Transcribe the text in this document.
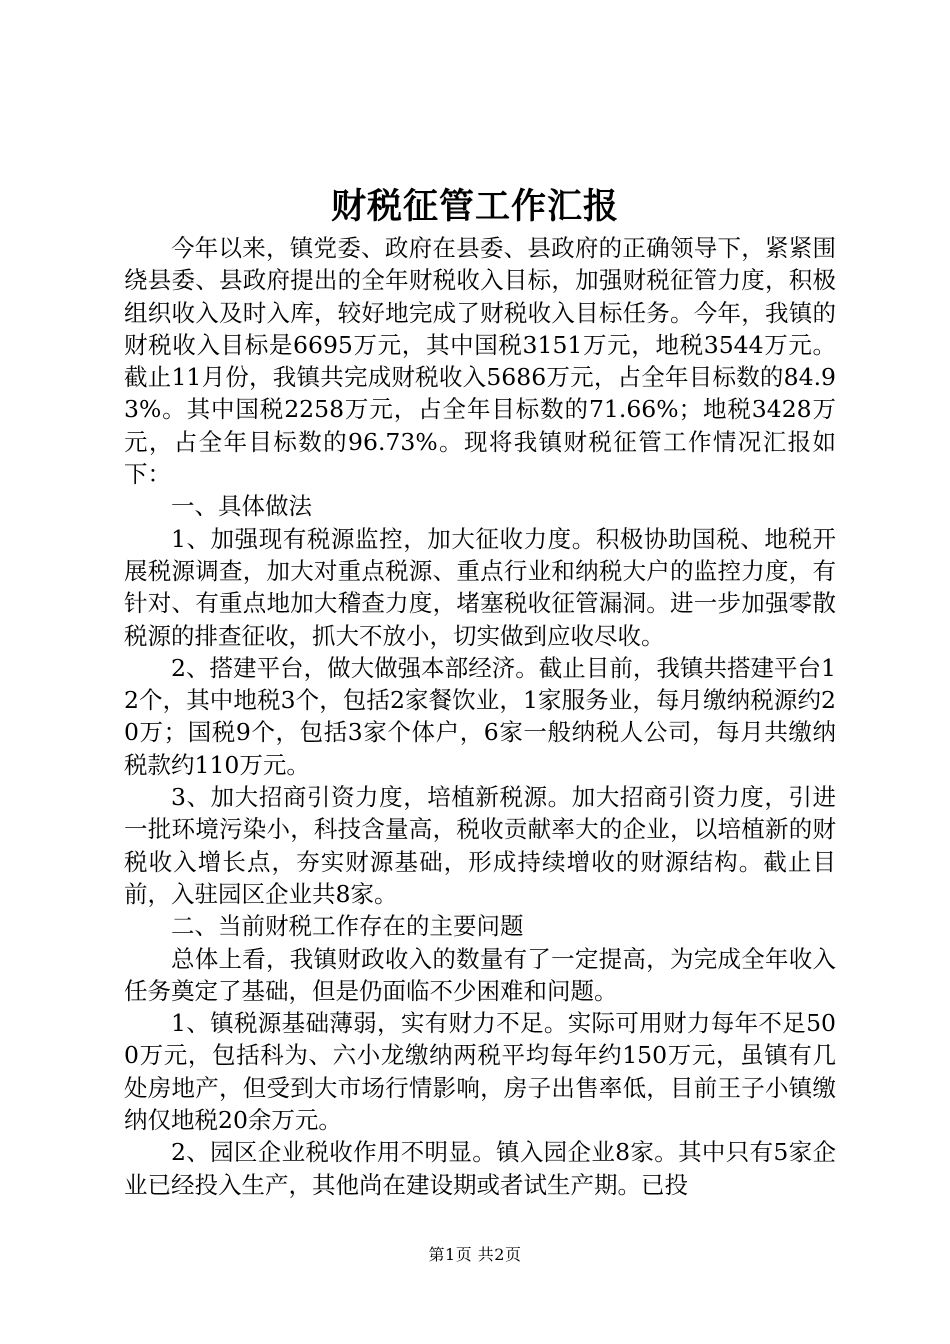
财税征管工作汇报

今年以来，镇党委、政府在县委、县政府的正确领导下，紧紧围绕县委、县政府提出的全年财税收入目标，加强财税征管力度，积极组织收入及时入库，较好地完成了财税收入目标任务。今年，我镇的财税收入目标是6695万元，其中国税3151万元，地税3544万元。截止11月份，我镇共完成财税收入5686万元，占全年目标数的84.93%。其中国税2258万元，占全年目标数的71.66%；地税3428万元，占全年目标数的96.73%。现将我镇财税征管工作情况汇报如下：

一、具体做法

1、加强现有税源监控，加大征收力度。积极协助国税、地税开展税源调查，加大对重点税源、重点行业和纳税大户的监控力度，有针对、有重点地加大稽查力度，堵塞税收征管漏洞。进一步加强零散税源的排查征收，抓大不放小，切实做到应收尽收。

2、搭建平台，做大做强本部经济。截止目前，我镇共搭建平台12个，其中地税3个，包括2家餐饮业，1家服务业，每月缴纳税源约20万；国税9个，包括3家个体户，6家一般纳税人公司，每月共缴纳税款约110万元。

3、加大招商引资力度，培植新税源。加大招商引资力度，引进一批环境污染小，科技含量高，税收贡献率大的企业，以培植新的财税收入增长点，夯实财源基础，形成持续增收的财源结构。截止目前，入驻园区企业共8家。

二、当前财税工作存在的主要问题

总体上看，我镇财政收入的数量有了一定提高，为完成全年收入任务奠定了基础，但是仍面临不少困难和问题。

1、镇税源基础薄弱，实有财力不足。实际可用财力每年不足500万元，包括科为、六小龙缴纳两税平均每年约150万元，虽镇有几处房地产，但受到大市场行情影响，房子出售率低，目前王子小镇缴纳仅地税20余万元。

2、园区企业税收作用不明显。镇入园企业8家。其中只有5家企业已经投入生产，其他尚在建设期或者试生产期。已投

第1页 共2页
